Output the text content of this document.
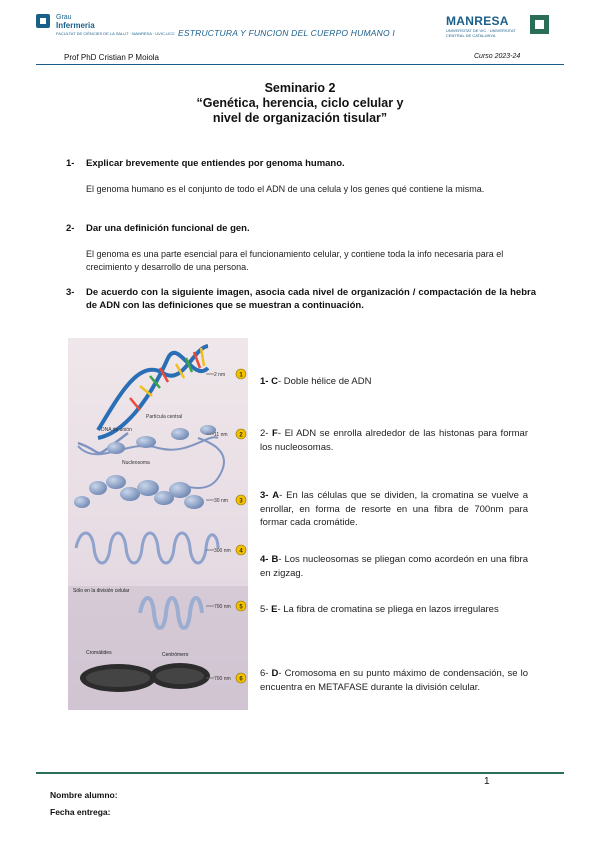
Grau
Infermeria
FACULTAT DE CIÈNCIES DE LA SALUT · MANRESA · UVIC-UCC ESTRUCTURA Y FUNCION DEL CUERPO HUMANO I
MANRESA
UNIVERSITAT DE VIC · UNIVERSITAT CENTRAL DE CATALUNYA
Prof PhD Cristian P Moiola	Curso 2023-24
Seminario 2
“Genética, herencia, ciclo celular y
nivel de organización tisular”
1- Explicar brevemente que entiendes por genoma humano.
El genoma humano es el conjunto de todo el ADN de una celula y los genes qué contiene la misma.
2- Dar una definición funcional de gen.
El genoma es una parte esencial para el funcionamiento celular, y contiene toda la info necesaria para el crecimiento y desarrollo de una persona.
3- De acuerdo con la siguiente imagen, asocia cada nivel de organización / compactación de la hebra de ADN con las definiciones que se muestran a continuación.
2 nm 1
11 nm 2
30 nm 3
300 nm 4
700 nm 5
700 nm 6
Partícula central
DNA de unión
Nucleosoma
Sólo en la división celular
Cromátides	Centrómero
1- C- Doble hélice de ADN
2- F- El ADN se enrolla alrededor de las histonas para formar los nucleosomas.
3- A- En las células que se dividen, la cromatina se vuelve a enrollar, en forma de resorte en una fibra de 700nm para formar cada cromátide.
4- B- Los nucleosomas se pliegan como acordeón en una fibra en zigzag.
5- E- La fibra de cromatina se pliega en lazos irregulares
6- D- Cromosoma en su punto máximo de condensación, se lo encuentra en METAFASE durante la división celular.
1
Nombre alumno:
Fecha entrega:
